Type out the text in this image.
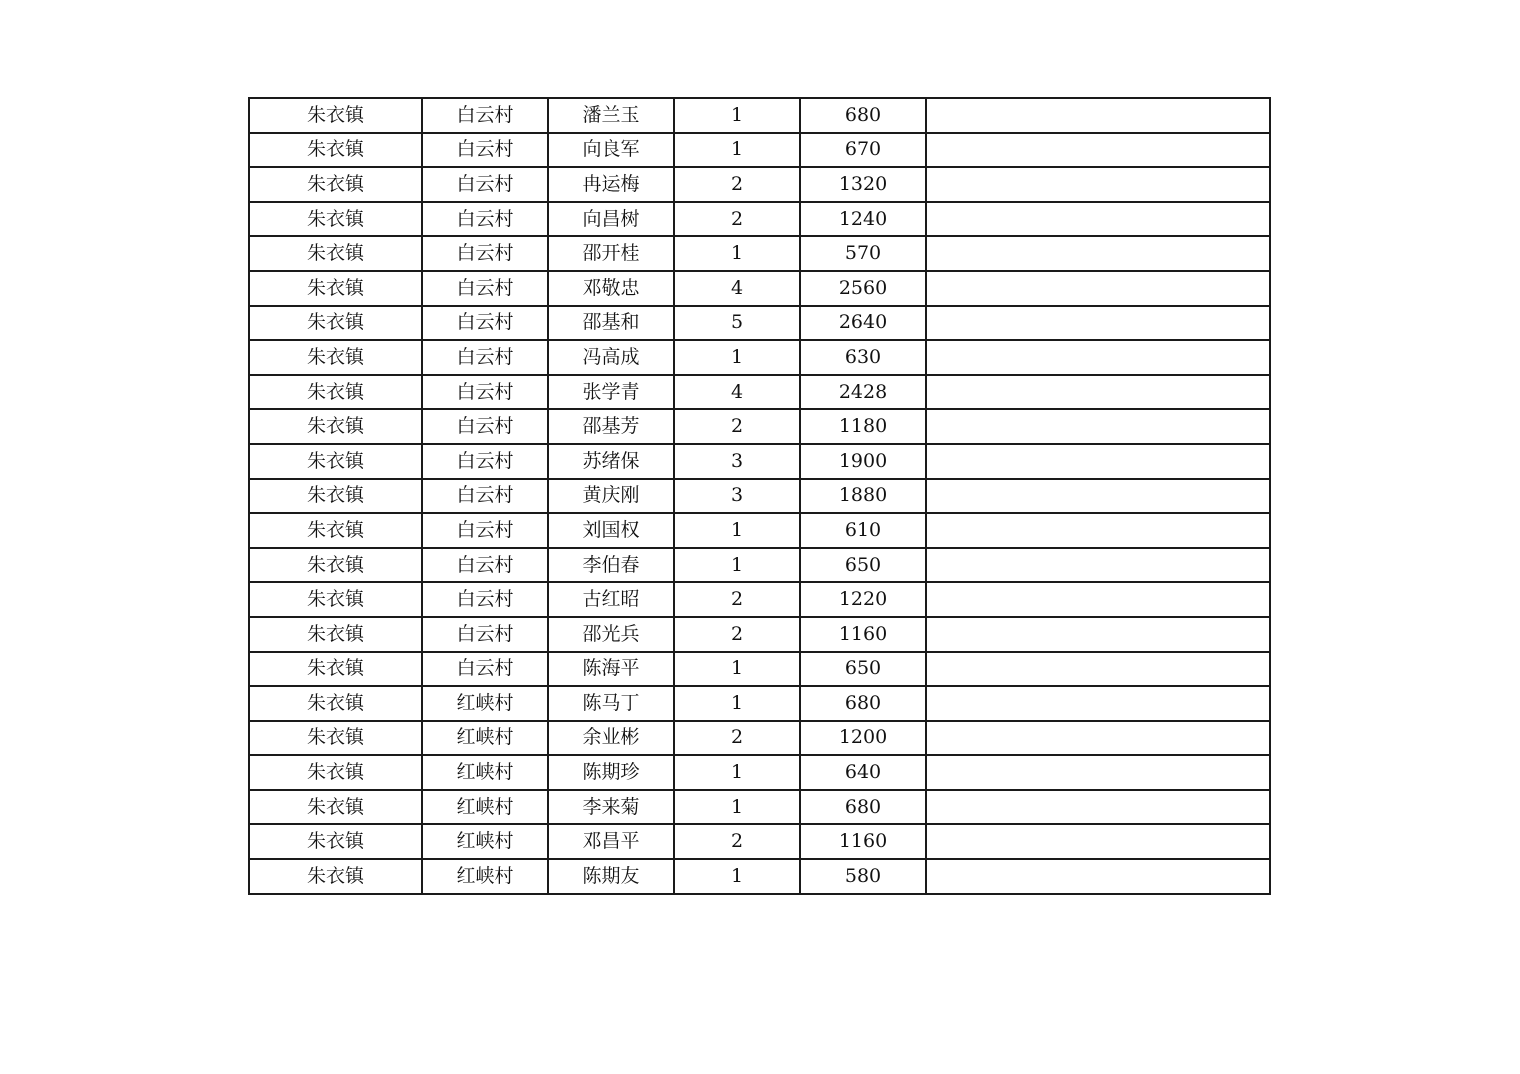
朱衣镇	白云村	潘兰玉	1	680	
朱衣镇	白云村	向良军	1	670	
朱衣镇	白云村	冉运梅	2	1320	
朱衣镇	白云村	向昌树	2	1240	
朱衣镇	白云村	邵开桂	1	570	
朱衣镇	白云村	邓敬忠	4	2560	
朱衣镇	白云村	邵基和	5	2640	
朱衣镇	白云村	冯高成	1	630	
朱衣镇	白云村	张学青	4	2428	
朱衣镇	白云村	邵基芳	2	1180	
朱衣镇	白云村	苏绪保	3	1900	
朱衣镇	白云村	黄庆刚	3	1880	
朱衣镇	白云村	刘国权	1	610	
朱衣镇	白云村	李伯春	1	650	
朱衣镇	白云村	古红昭	2	1220	
朱衣镇	白云村	邵光兵	2	1160	
朱衣镇	白云村	陈海平	1	650	
朱衣镇	红峡村	陈马丁	1	680	
朱衣镇	红峡村	余业彬	2	1200	
朱衣镇	红峡村	陈期珍	1	640	
朱衣镇	红峡村	李来菊	1	680	
朱衣镇	红峡村	邓昌平	2	1160	
朱衣镇	红峡村	陈期友	1	580	
